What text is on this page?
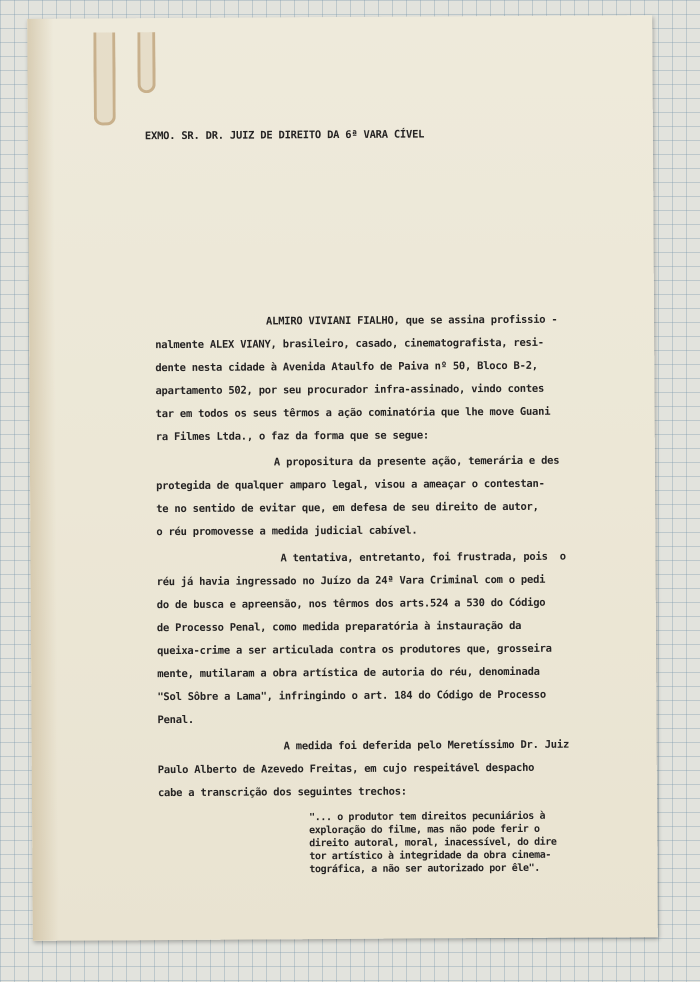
EXMO. SR. DR. JUIZ DE DIREITO DA 6ª VARA CÍVEL
ALMIRO VIVIANI FIALHO, que se assina profissio -
nalmente ALEX VIANY, brasileiro, casado, cinematografista, resi-
dente nesta cidade à Avenida Ataulfo de Paiva nº 50, Bloco B-2,
apartamento 502, por seu procurador infra-assinado, vindo contes
tar em todos os seus têrmos a ação cominatória que lhe move Guani
ra Filmes Ltda., o faz da forma que se segue:
A propositura da presente ação, temerária e des
protegida de qualquer amparo legal, visou a ameaçar o contestan-
te no sentido de evitar que, em defesa de seu direito de autor,
o réu promovesse a medida judicial cabível.
A tentativa, entretanto, foi frustrada, pois  o
réu já havia ingressado no Juízo da 24ª Vara Criminal com o pedi
do de busca e apreensão, nos têrmos dos arts.524 a 530 do Código
de Processo Penal, como medida preparatória à instauração da
queixa-crime a ser articulada contra os produtores que, grosseira
mente, mutilaram a obra artística de autoria do réu, denominada
"Sol Sôbre a Lama", infringindo o art. 184 do Código de Processo
Penal.
A medida foi deferida pelo Meretíssimo Dr. Juiz
Paulo Alberto de Azevedo Freitas, em cujo respeitável despacho
cabe a transcrição dos seguintes trechos:
"... o produtor tem direitos pecuniários à
exploração do filme, mas não pode ferir o
direito autoral, moral, inacessível, do dire
tor artístico à integridade da obra cinema-
tográfica, a não ser autorizado por êle".
